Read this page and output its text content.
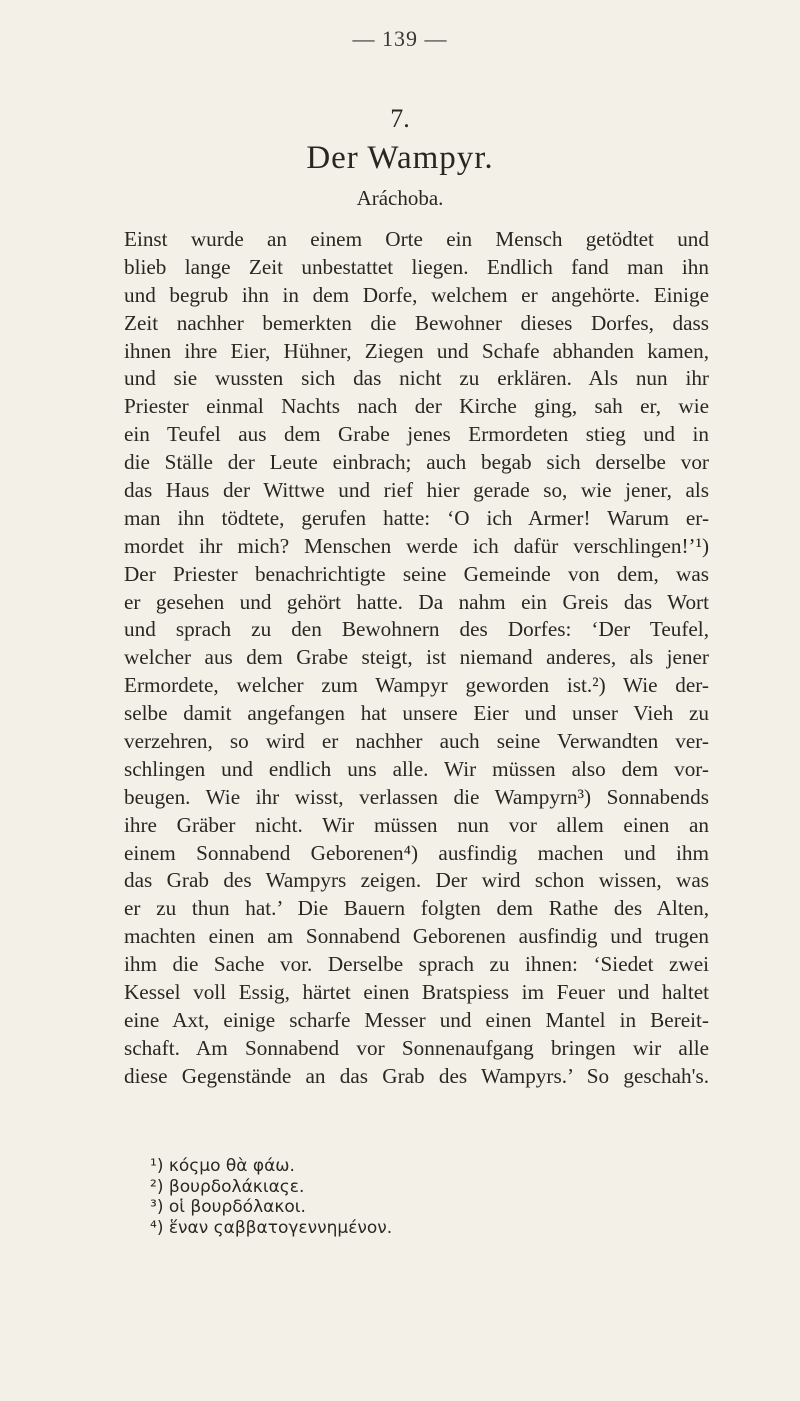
— 139 —
7.
Der Wampyr.
Aráchoba.
Einst wurde an einem Orte ein Mensch getödtet und
blieb lange Zeit unbestattet liegen. Endlich fand man ihn
und begrub ihn in dem Dorfe, welchem er angehörte. Einige
Zeit nachher bemerkten die Bewohner dieses Dorfes, dass
ihnen ihre Eier, Hühner, Ziegen und Schafe abhanden kamen,
und sie wussten sich das nicht zu erklären. Als nun ihr
Priester einmal Nachts nach der Kirche ging, sah er, wie
ein Teufel aus dem Grabe jenes Ermordeten stieg und in
die Ställe der Leute einbrach; auch begab sich derselbe vor
das Haus der Wittwe und rief hier gerade so, wie jener, als
man ihn tödtete, gerufen hatte: ‘O ich Armer! Warum er-
mordet ihr mich? Menschen werde ich dafür verschlingen!’¹)
Der Priester benachrichtigte seine Gemeinde von dem, was
er gesehen und gehört hatte. Da nahm ein Greis das Wort
und sprach zu den Bewohnern des Dorfes: ‘Der Teufel,
welcher aus dem Grabe steigt, ist niemand anderes, als jener
Ermordete, welcher zum Wampyr geworden ist.²) Wie der-
selbe damit angefangen hat unsere Eier und unser Vieh zu
verzehren, so wird er nachher auch seine Verwandten ver-
schlingen und endlich uns alle. Wir müssen also dem vor-
beugen. Wie ihr wisst, verlassen die Wampyrn³) Sonnabends
ihre Gräber nicht. Wir müssen nun vor allem einen an
einem Sonnabend Geborenen⁴) ausfindig machen und ihm
das Grab des Wampyrs zeigen. Der wird schon wissen, was
er zu thun hat.’ Die Bauern folgten dem Rathe des Alten,
machten einen am Sonnabend Geborenen ausfindig und trugen
ihm die Sache vor. Derselbe sprach zu ihnen: ‘Siedet zwei
Kessel voll Essig, härtet einen Bratspiess im Feuer und haltet
eine Axt, einige scharfe Messer und einen Mantel in Bereit-
schaft. Am Sonnabend vor Sonnenaufgang bringen wir alle
diese Gegenstände an das Grab des Wampyrs.’ So geschah's.
¹) κόςμο θὰ φάω.
²) βουρδολάκιαςε.
³) οἱ βουρδόλακοι.
⁴) ἕναν ςαββατογεννημένον.
